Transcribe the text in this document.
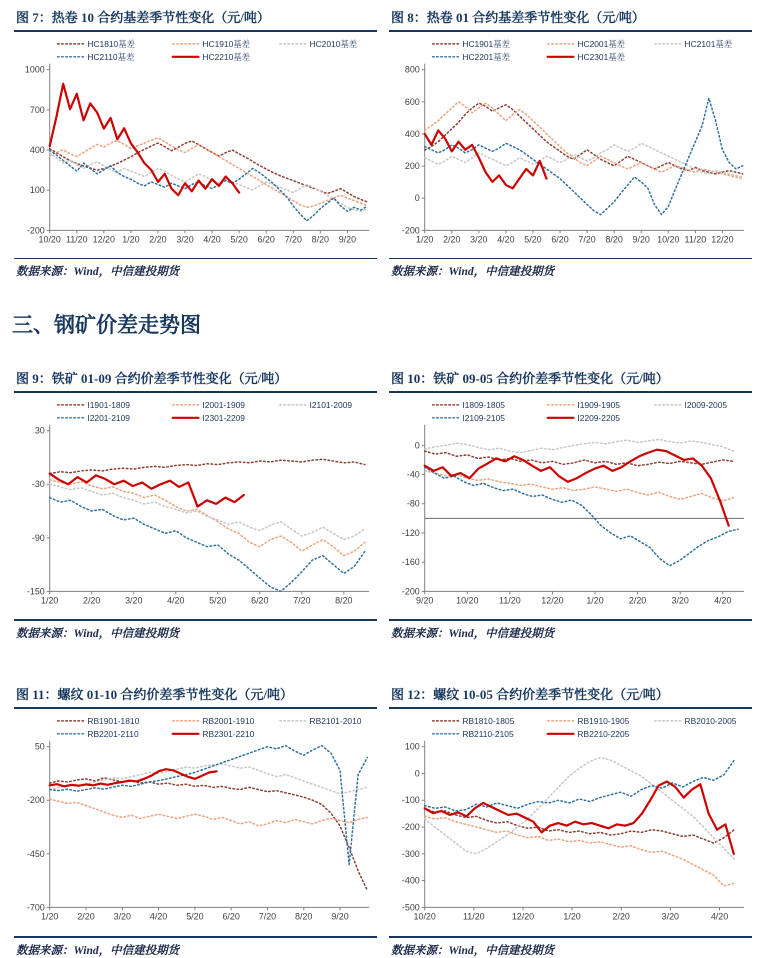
图 7：热卷 10 合约基差季节性变化（元/吨）
1000
700
400
100
-200
10/20 11/20 12/20 1/20 2/20 3/20 4/20 5/20 6/20 7/20 8/20 9/20
HC1810基差	HC1910基差	HC2010基差
HC2110基差	HC2210基差
数据来源：Wind，中信建投期货
图 8：热卷 01 合约基差季节性变化（元/吨）
800
600
400
200
0
-200
1/20 2/20 3/20 4/20 5/20 6/20 7/20 8/20 9/20 10/20 11/20 12/20
HC1901基差	HC2001基差	HC2101基差
HC2201基差	HC2301基差
数据来源：Wind，中信建投期货
三、钢矿价差走势图
图 9：铁矿 01-09 合约价差季节性变化（元/吨）
30
-30
-90
-150
1/20	2/20	3/20	4/20	5/20	6/20	7/20	8/20
I1901-1809	I2001-1909	I2101-2009
I2201-2109	I2301-2209
数据来源：Wind，中信建投期货
图 10：铁矿 09-05 合约价差季节性变化（元/吨）
0
-40
-80
-120
-160
-200
9/20	10/20 11/20 12/20	1/20	2/20	3/20	4/20
I1809-1805	I1909-1905	I2009-2005
I2109-2105	I2209-2205
数据来源：Wind，中信建投期货
图 11：螺纹 01-10 合约价差季节性变化（元/吨）
50
-200
-450
-700
1/20 2/20 3/20 4/20 5/20 6/20 7/20 8/20 9/20
RB1901-1810	RB2001-1910	RB2101-2010
RB2201-2110	RB2301-2210
数据来源：Wind，中信建投期货
图 12：螺纹 10-05 合约价差季节性变化（元/吨）
100
0
-100
-200
-300
-400
-500
10/20	11/20	12/20	1/20	2/20	3/20	4/20
RB1810-1805	RB1910-1905	RB2010-2005
RB2110-2105	RB2210-2205
数据来源：Wind，中信建投期货
